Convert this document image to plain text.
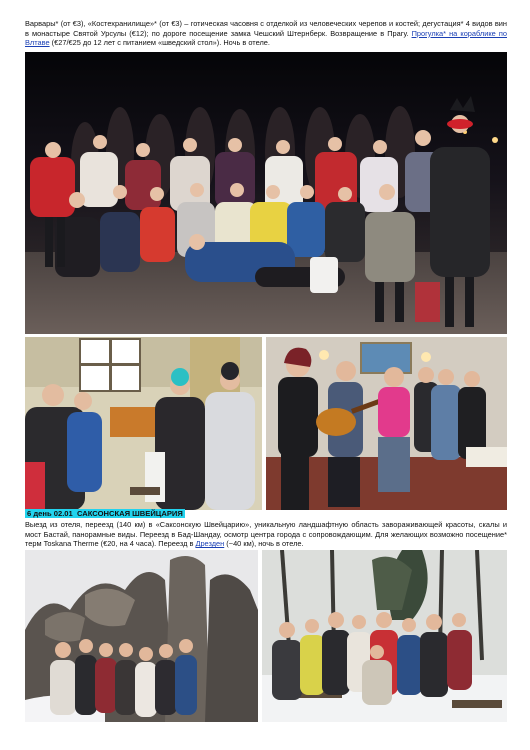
Варвары* (от €3), «Костехранилище»* (от €3) – готическая часовня с отделкой из человеческих черепов и костей; дегустация* 4 видов вин в монастыре Святой Урсулы (€12); по дороге посещение замка Чешский Штернберк. Возвращение в Прагу. Прогулка* на кораблике по Влтаве (€27/€25 до 12 лет с питанием «шведский стол»). Ночь в отеле.
6 день 02.01 САКСОНСКАЯ ШВЕЙЦАРИЯ
Выезд из отеля, переезд (140 км) в «Саксонскую Швейцарию», уникальную ландшафтную область завораживающей красоты, скалы и мост Бастай, панорамные виды. Переезд в Бад-Шандау, осмотр центра города с сопровождающим. Для желающих возможно посещение* терм Toskana Therme (€20, на 4 часа). Переезд в Дрезден (~40 км), ночь в отеле.
